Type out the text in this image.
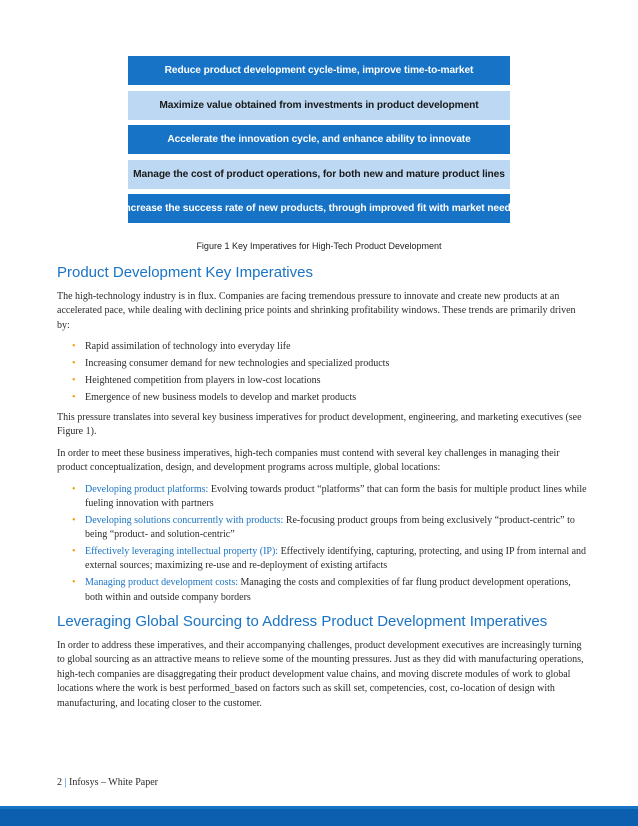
Reduce product development cycle-time, improve time-to-market
Maximize value obtained from investments in product development
Accelerate the innovation cycle, and enhance ability to innovate
Manage the cost of product operations, for both new and mature product lines
Increase the success rate of new products, through improved fit with market needs
Figure 1 Key Imperatives for High-Tech Product Development
Product Development Key Imperatives

The high-technology industry is in flux. Companies are facing tremendous pressure to innovate and create new products at an accelerated pace, while dealing with declining price points and shrinking profitability windows. These trends are primarily driven by:

• Rapid assimilation of technology into everyday life
• Increasing consumer demand for new technologies and specialized products
• Heightened competition from players in low-cost locations
• Emergence of new business models to develop and market products

This pressure translates into several key business imperatives for product development, engineering, and marketing executives (see Figure 1).

In order to meet these business imperatives, high-tech companies must contend with several key challenges in managing their product conceptualization, design, and development programs across multiple, global locations:

• Developing product platforms: Evolving towards product “platforms” that can form the basis for multiple product lines while fueling innovation with partners
• Developing solutions concurrently with products: Re-focusing product groups from being exclusively “product-centric” to being “product- and solution-centric”
• Effectively leveraging intellectual property (IP): Effectively identifying, capturing, protecting, and using IP from internal and external sources; maximizing re-use and re-deployment of existing artifacts
• Managing product development costs: Managing the costs and complexities of far flung product development operations, both within and outside company borders
Leveraging Global Sourcing to Address Product Development Imperatives

In order to address these imperatives, and their accompanying challenges, product development executives are increasingly turning to global sourcing as an attractive means to relieve some of the mounting pressures. Just as they did with manufacturing operations, high-tech companies are disaggregating their product development value chains, and moving discrete modules of work to global locations where the work is best performed_based on factors such as skill set, competencies, cost, co-location of design with manufacturing, and locating closer to the customer.

2 | Infosys – White Paper
